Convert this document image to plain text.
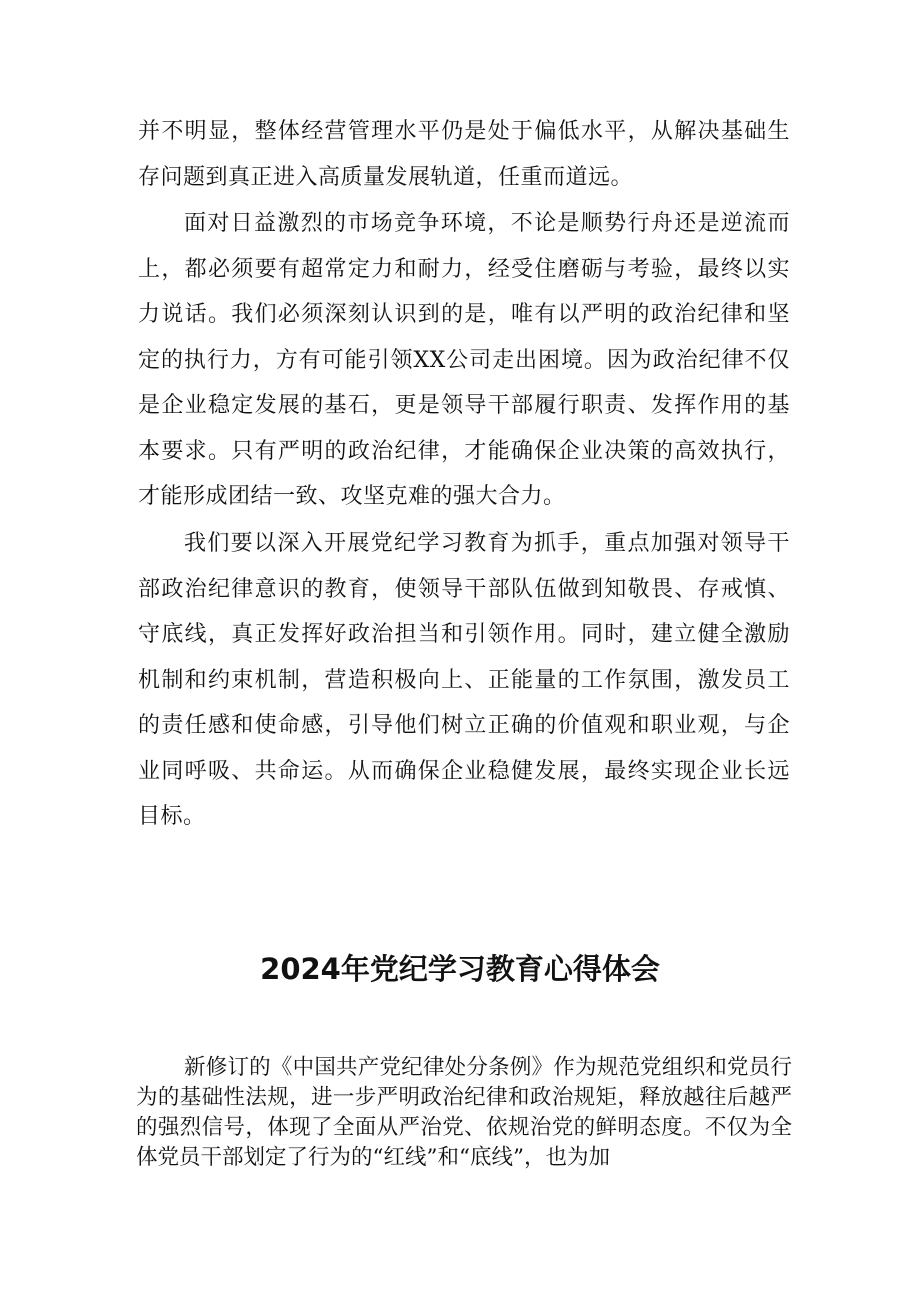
并不明显，整体经营管理水平仍是处于偏低水平，从解决基础生存问题到真正进入高质量发展轨道，任重而道远。

面对日益激烈的市场竞争环境，不论是顺势行舟还是逆流而上，都必须要有超常定力和耐力，经受住磨砺与考验，最终以实力说话。我们必须深刻认识到的是，唯有以严明的政治纪律和坚定的执行力，方有可能引领XX公司走出困境。因为政治纪律不仅是企业稳定发展的基石，更是领导干部履行职责、发挥作用的基本要求。只有严明的政治纪律，才能确保企业决策的高效执行，才能形成团结一致、攻坚克难的强大合力。

我们要以深入开展党纪学习教育为抓手，重点加强对领导干部政治纪律意识的教育，使领导干部队伍做到知敬畏、存戒慎、守底线，真正发挥好政治担当和引领作用。同时，建立健全激励机制和约束机制，营造积极向上、正能量的工作氛围，激发员工的责任感和使命感，引导他们树立正确的价值观和职业观，与企业同呼吸、共命运。从而确保企业稳健发展，最终实现企业长远目标。

2024年党纪学习教育心得体会

新修订的《中国共产党纪律处分条例》作为规范党组织和党员行为的基础性法规，进一步严明政治纪律和政治规矩，释放越往后越严的强烈信号，体现了全面从严治党、依规治党的鲜明态度。不仅为全体党员干部划定了行为的“红线”和“底线”，也为加
